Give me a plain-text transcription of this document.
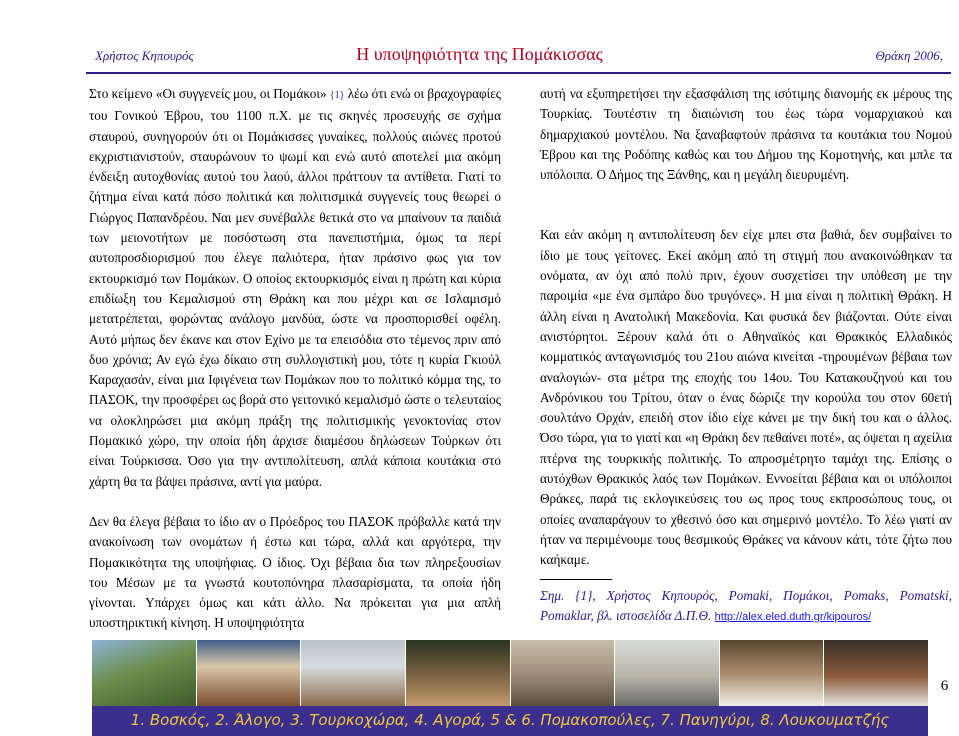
Χρήστος Κηπουρός	Η υποψηφιότητα της Πομάκισσας	Θράκη 2006,

Στο κείμενο «Οι συγγενείς μου, οι Πομάκοι» {1} λέω ότι ενώ οι βραχογραφίες του Γονικού Έβρου, του 1100 π.Χ. με τις σκηνές προσευχής σε σχήμα σταυρού, συνηγορούν ότι οι Πομάκισσες γυναίκες, πολλούς αιώνες προτού εκχριστιανιστούν, σταυρώνουν το ψωμί και ενώ αυτό αποτελεί μια ακόμη ένδειξη αυτοχθονίας αυτού του λαού, άλλοι πράττουν τα αντίθετα. Γιατί το ζήτημα είναι κατά πόσο πολιτικά και πολιτισμικά συγγενείς τους θεωρεί ο Γιώργος Παπανδρέου. Ναι μεν συνέβαλλε θετικά στο να μπαίνουν τα παιδιά των μειονοτήτων με ποσόστωση στα πανεπιστήμια, όμως τα περί αυτοπροσδιορισμού που έλεγε παλιότερα, ήταν πράσινο φως για τον εκτουρκισμό των Πομάκων. Ο οποίος εκτουρκισμός είναι η πρώτη και κύρια επιδίωξη του Κεμαλισμού στη Θράκη και που μέχρι και σε Ισλαμισμό μετατρέπεται, φορώντας ανάλογο μανδύα, ώστε να προσπορισθεί οφέλη. Αυτό μήπως δεν έκανε και στον Εχίνο με τα επεισόδια στο τέμενος πριν από δυο χρόνια; Αν εγώ έχω δίκαιο στη συλλογιστική μου, τότε η κυρία Γκιούλ Καραχασάν, είναι μια Ιφιγένεια των Πομάκων που το πολιτικό κόμμα της, το ΠΑΣΟΚ, την προσφέρει ως βορά στο γειτονικό κεμαλισμό ώστε ο τελευταίος να ολοκληρώσει μια ακόμη πράξη της πολιτισμικής γενοκτονίας στον Πομακικό χώρο, την οποία ήδη άρχισε διαμέσου δηλώσεων Τούρκων ότι είναι Τούρκισσα. Όσο για την αντιπολίτευση, απλά κάποια κουτάκια στο χάρτη θα τα βάψει πράσινα, αντί για μαύρα.

Δεν θα έλεγα βέβαια το ίδιο αν ο Πρόεδρος του ΠΑΣΟΚ πρόβαλλε κατά την ανακοίνωση των ονομάτων ή έστω και τώρα, αλλά και αργότερα, την Πομακικότητα της υποψήφιας. Ο ίδιος. Όχι βέβαια δια των πληρεξουσίων του Μέσων με τα γνωστά κουτοπόνηρα πλασαρίσματα, τα οποία ήδη γίνονται. Υπάρχει όμως και κάτι άλλο. Να πρόκειται για μια απλή υποστηρικτική κίνηση. Η υποψηφιότητα

αυτή να εξυπηρετήσει την εξασφάλιση της ισότιμης διανομής εκ μέρους της Τουρκίας. Τουτέστιν τη διαιώνιση του έως τώρα νομαρχιακού και δημαρχιακού μοντέλου. Να ξαναβαφτούν πράσινα τα κουτάκια του Νομού Έβρου και της Ροδόπης καθώς και του Δήμου της Κομοτηνής, και μπλε τα υπόλοιπα. Ο Δήμος της Ξάνθης, και η μεγάλη διευρυμένη.

Και εάν ακόμη η αντιπολίτευση δεν είχε μπει στα βαθιά, δεν συμβαίνει το ίδιο με τους γείτονες. Εκεί ακόμη από τη στιγμή που ανακοινώθηκαν τα ονόματα, αν όχι από πολύ πριν, έχουν συσχετίσει την υπόθεση με την παροιμία «με ένα σμπάρο δυο τρυγόνες». Η μια είναι η πολιτική Θράκη. Η άλλη είναι η Ανατολική Μακεδονία. Και φυσικά δεν βιάζονται. Ούτε είναι ανιστόρητοι. Ξέρουν καλά ότι ο Αθηναϊκός και Θρακικός Ελλαδικός κομματικός ανταγωνισμός του 21ου αιώνα κινείται -τηρουμένων βέβαια των αναλογιών- στα μέτρα της εποχής του 14ου. Του Κατακουζηνού και του Ανδρόνικου του Τρίτου, όταν ο ένας δώριζε την κορούλα του στον 60ετή σουλτάνο Ορχάν, επειδή στον ίδιο είχε κάνει με την δική του και ο άλλος. Όσο τώρα, για το γιατί και «η Θράκη δεν πεθαίνει ποτέ», ας όψεται η αχείλια πτέρνα της τουρκικής πολιτικής. Το απροσμέτρητο ταμάχι της. Επίσης ο αυτόχθων Θρακικός λαός των Πομάκων. Εννοείται βέβαια και οι υπόλοιποι Θράκες, παρά τις εκλογικεύσεις του ως προς τους εκπροσώπους τους, οι οποίες αναπαράγουν το χθεσινό όσο και σημερινό μοντέλο. Το λέω γιατί αν ήταν να περιμένουμε τους θεσμικούς Θράκες να κάνουν κάτι, τότε ζήτω που καήκαμε.

Σημ. {1}, Χρήστος Κηπουρός, Pomaki, Πομάκοι, Pomaks, Pomatski, Pomaklar, βλ. ιστοσελίδα Δ.Π.Θ. http://alex.eled.duth.gr/kipouros/

6
1. Βοσκός, 2. Άλογο, 3. Τουρκοχώρα, 4. Αγορά, 5 & 6. Πομακοπούλες, 7. Πανηγύρι, 8. Λουκουματζής
